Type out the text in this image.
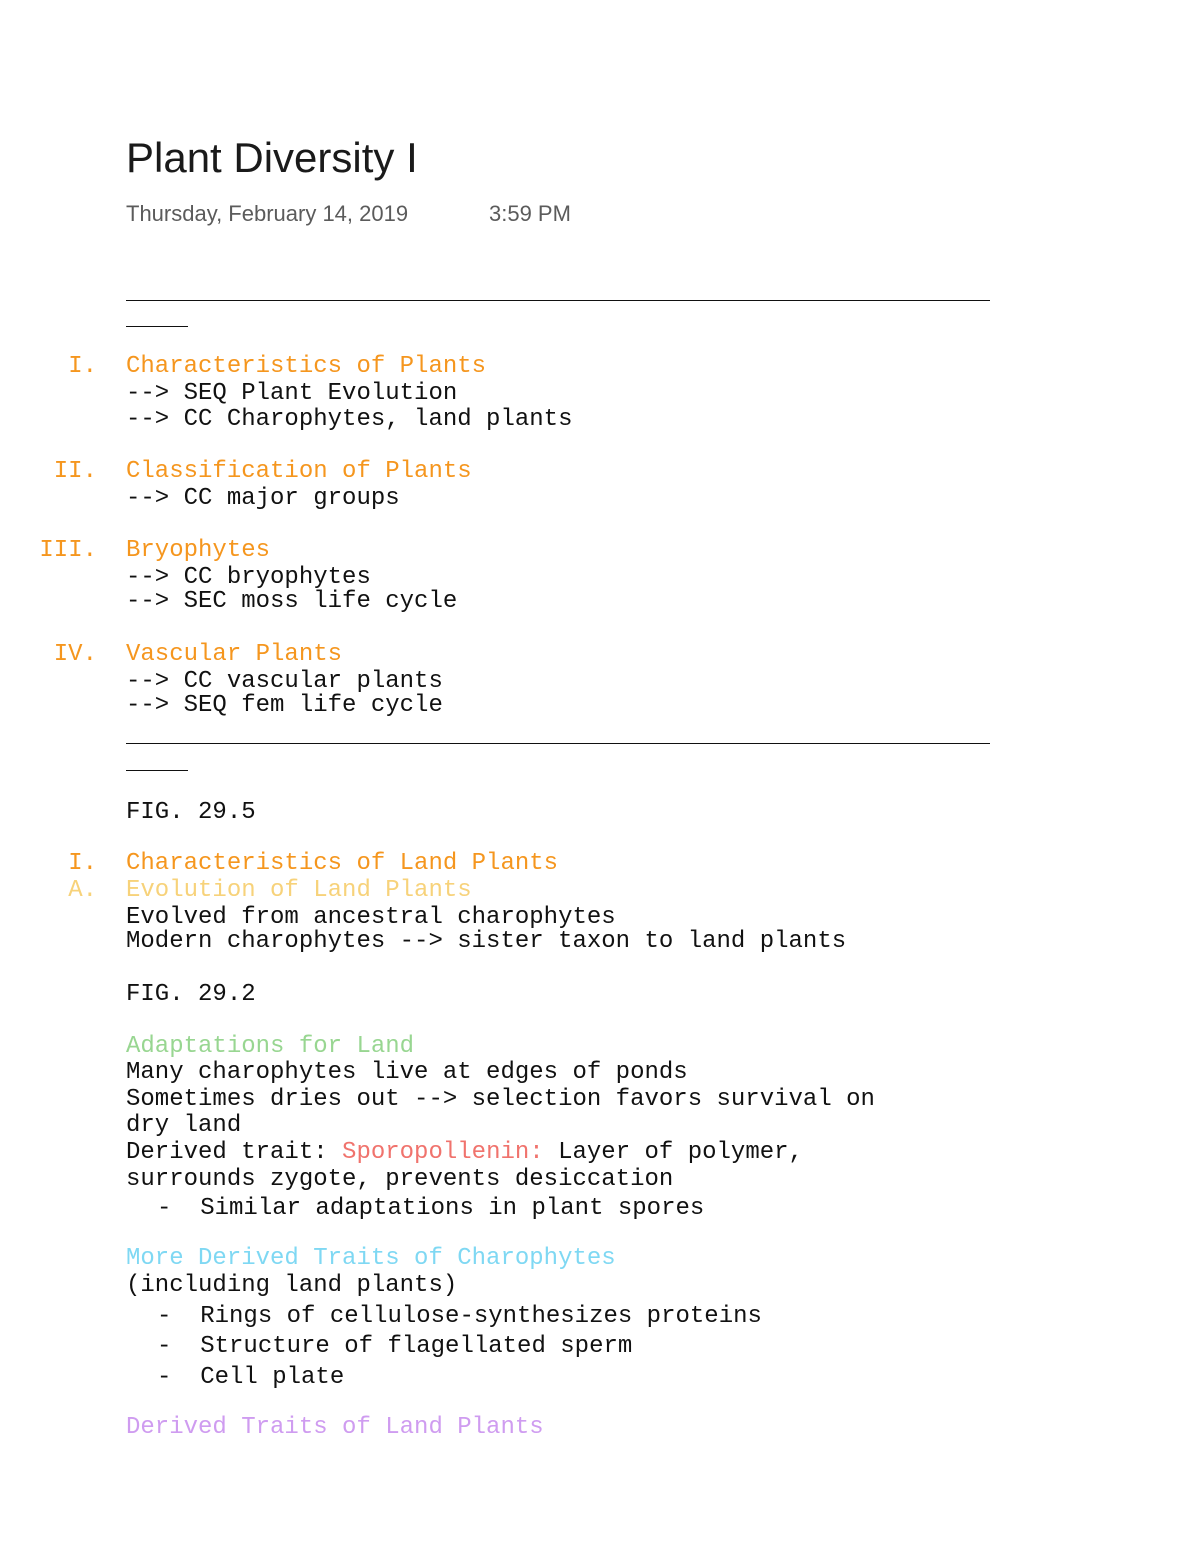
Plant Diversity I
Thursday, February 14, 2019	3:59 PM
I. Characteristics of Plants
--> SEQ Plant Evolution
--> CC Charophytes, land plants
II. Classification of Plants
--> CC major groups
III. Bryophytes
--> CC bryophytes
--> SEC moss life cycle
IV. Vascular Plants
--> CC vascular plants
--> SEQ fem life cycle
FIG. 29.5
I. Characteristics of Land Plants
A. Evolution of Land Plants
Evolved from ancestral charophytes
Modern charophytes --> sister taxon to land plants
FIG. 29.2
Adaptations for Land
Many charophytes live at edges of ponds
Sometimes dries out --> selection favors survival on
dry land
Derived trait: Sporopollenin: Layer of polymer,
surrounds zygote, prevents desiccation
-  Similar adaptations in plant spores
More Derived Traits of Charophytes
(including land plants)
-  Rings of cellulose-synthesizes proteins
-  Structure of flagellated sperm
-  Cell plate
Derived Traits of Land Plants
